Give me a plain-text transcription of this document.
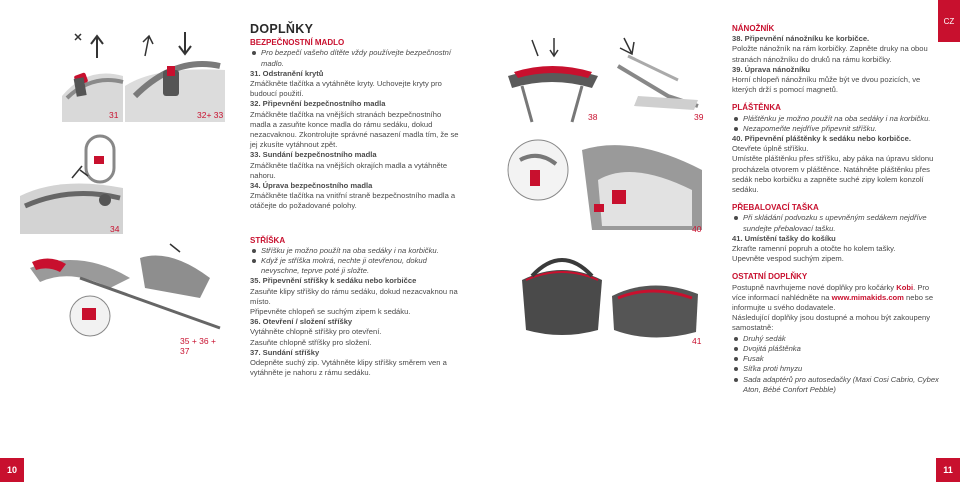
31	32+ 33
34
35 + 36 + 37
DOPLŇKY

BEZPEČNOSTNÍ MADLO

Pro bezpečí vašeho dítěte vždy používejte bezpečnostní madlo.

31. Odstranění krytů

Zmáčkněte tlačítka a vytáhněte kryty. Uchovejte kryty pro budoucí použití.

32. Připevnění bezpečnostního madla

Zmáčkněte tlačítka na vnějších stranách bezpečnostního madla a zasuňte konce madla do rámu sedáku, dokud nezacvaknou. Zkontrolujte správné nasazení madla tím, že se jej zkusíte vytáhnout zpět.

33. Sundání bezpečnostního madla

Zmáčkněte tlačítka na vnějších okrajích madla a vytáhněte nahoru.

34. Úprava bezpečnostního madla

Zmáčkněte tlačítka na vnitřní straně bezpečnostního madla a otáčejte do požadované polohy.

STŘÍŠKA

Stříšku je možno použít na oba sedáky i na korbičku.
Když je stříška mokrá, nechte ji otevřenou, dokud nevyschne, teprve poté ji složte.

35. Připevnění stříšky k sedáku nebo korbičce

Zasuňte klipy stříšky do rámu sedáku, dokud nezacvaknou na místo.

Připevněte chlopeň se suchým zipem k sedáku.

36. Otevření / složení stříšky

Vytáhněte chlopně stříšky pro otevření.

Zasuňte chlopně stříšky pro složení.

37. Sundání stříšky

Odepněte suchý zip. Vytáhněte klipy stříšky směrem ven a vytáhněte je nahoru z rámu sedáku.

10
CZ
38	39
40
41

NÁNOŽNÍK

38. Připevnění nánožníku ke korbičce.

Položte nánožník na rám korbičky. Zapněte druky na obou stranách nánožníku do druků na rámu korbičky.

39. Úprava nánožníku

Horní chlopeň nánožníku může být ve dvou pozicích, ve kterých drží s pomocí magnetů.

PLÁŠTĚNKA

Pláštěnku je možno použít na oba sedáky i na korbičku.
Nezapomeňte nejdříve připevnit stříšku.

40. Připevnění pláštěnky k sedáku nebo korbičce.

Otevřete úplně stříšku.

Umístěte pláštěnku přes stříšku, aby páka na úpravu sklonu procházela otvorem v pláštěnce. Natáhněte pláštěnku přes sedák nebo korbičku a zapněte suché zipy kolem konzolí sedáku.

PŘEBALOVACÍ TAŠKA

Při skládání podvozku s upevněným sedákem nejdříve sundejte přebalovací tašku.

41. Umístění tašky do košíku

Zkraťte ramenní popruh a otočte ho kolem tašky.

Upevněte vespod suchým zipem.

OSTATNÍ DOPLŇKY

Postupně navrhujeme nové doplňky pro kočárky Kobi. Pro více informací nahlédněte na www.mimakids.com nebo se informujte u svého dodavatele.

Následující doplňky jsou dostupné a mohou být zakoupeny samostatně:

Druhý sedák
Dvojitá pláštěnka
Fusak
Síťka proti hmyzu
Sada adaptérů pro autosedačky (Maxi Cosi Cabrio, Cybex Aton, Bébé Confort Pebble)
11
